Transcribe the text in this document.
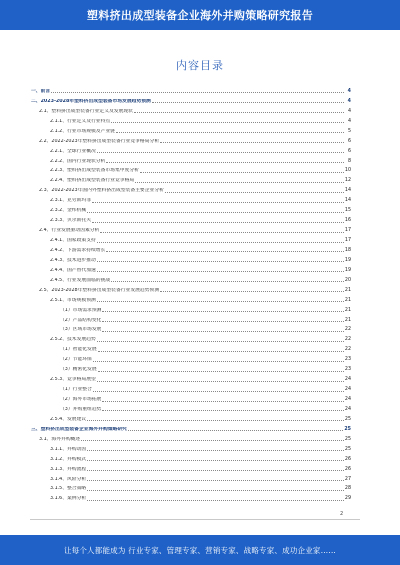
塑料挤出成型装备企业海外并购策略研究报告
内容目录
一、前言	4
二、2023-2028年塑料挤出成型装备市场发展趋势预测	4
2.1、塑料挤出成型装备行业定义及发展现状	4
2.1.1、行业定义及行业特点	4
2.1.2、行业市场规模及产业链	5
2.2、2022-2023年塑料挤出成型装备行业竞争格局分析	6
2.2.1、全球行业概况	6
2.2.2、国内行业现状分析	8
2.2.3、塑料挤出成型装备市场集中度分析	10
2.2.4、塑料挤出成型装备行业竞争格局	12
2.3、2022-2023年国内外塑料挤出成型装备主要企业分析	14
2.3.1、克劳斯玛菲	14
2.3.2、金纬机械	15
2.3.3、贝尔斯托夫	16
2.4、行业发展驱动因素分析	17
2.4.1、国家政策支持	17
2.4.2、下游需求持续增长	18
2.4.3、技术进步推动	19
2.4.4、国产替代加速	19
2.4.5、行业发展面临的挑战	20
2.5、2023-2028年塑料挤出成型装备行业发展趋势预测	21
2.5.1、市场规模预测	21
（1）市场需求预测	21
（2）产品结构变化	21
（3）区域市场发展	22
2.5.2、技术发展趋势	22
（1）智能化发展	22
（2）节能环保	23
（3）精密化发展	23
2.5.3、竞争格局展望	24
（1）行业整合	24
（2）海外市场拓展	24
（3）并购重组趋势	24
2.5.4、发展建议	25
三、塑料挤出成型装备企业海外并购策略研究	25
3.1、海外并购概述	25
3.1.1、并购动因	25
3.1.2、并购模式	26
3.1.3、并购流程	26
3.1.4、风险分析	27
3.1.5、整合策略	28
3.1.6、案例分析	29
2
让每个人都能成为 行业专家、管理专家、营销专家、战略专家、成功企业家……
